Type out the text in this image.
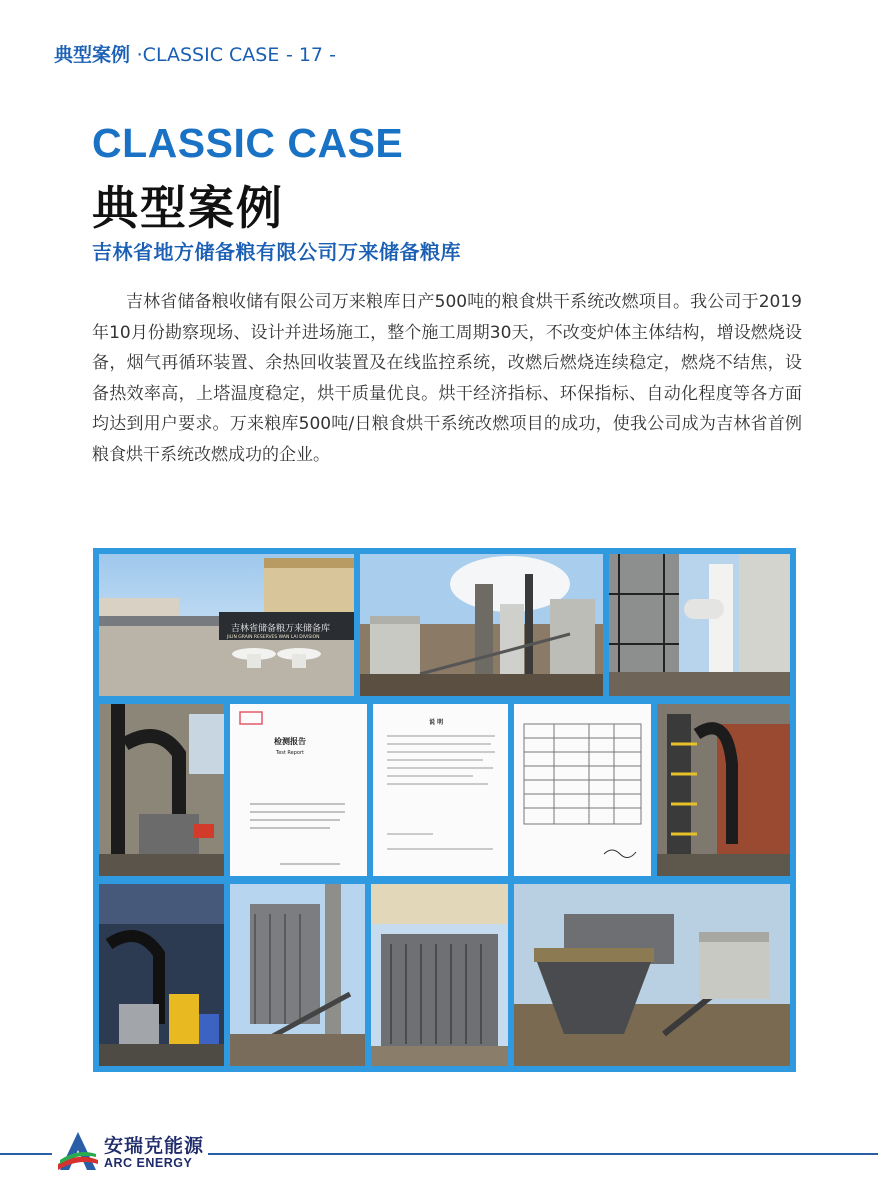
典型案例 ·CLASSIC CASE - 17 -
CLASSIC CASE
典型案例
吉林省地方储备粮有限公司万来储备粮库

吉林省储备粮收储有限公司万来粮库日产500吨的粮食烘干系统改燃项目。我公司于2019年10月份勘察现场、设计并进场施工，整个施工周期30天，不改变炉体主体结构，增设燃烧设备，烟气再循环装置、余热回收装置及在线监控系统，改燃后燃烧连续稳定，燃烧不结焦，设备热效率高，上塔温度稳定，烘干质量优良。烘干经济指标、环保指标、自动化程度等各方面均达到用户要求。万来粮库500吨/日粮食烘干系统改燃项目的成功，使我公司成为吉林省首例粮食烘干系统改燃成功的企业。

吉林省储备粮万来储备库
JILIN GRAIN RESERVES WAN LAI DIVISION
检测报告
Test Report
说 明
安瑞克能源
ARC ENERGY
